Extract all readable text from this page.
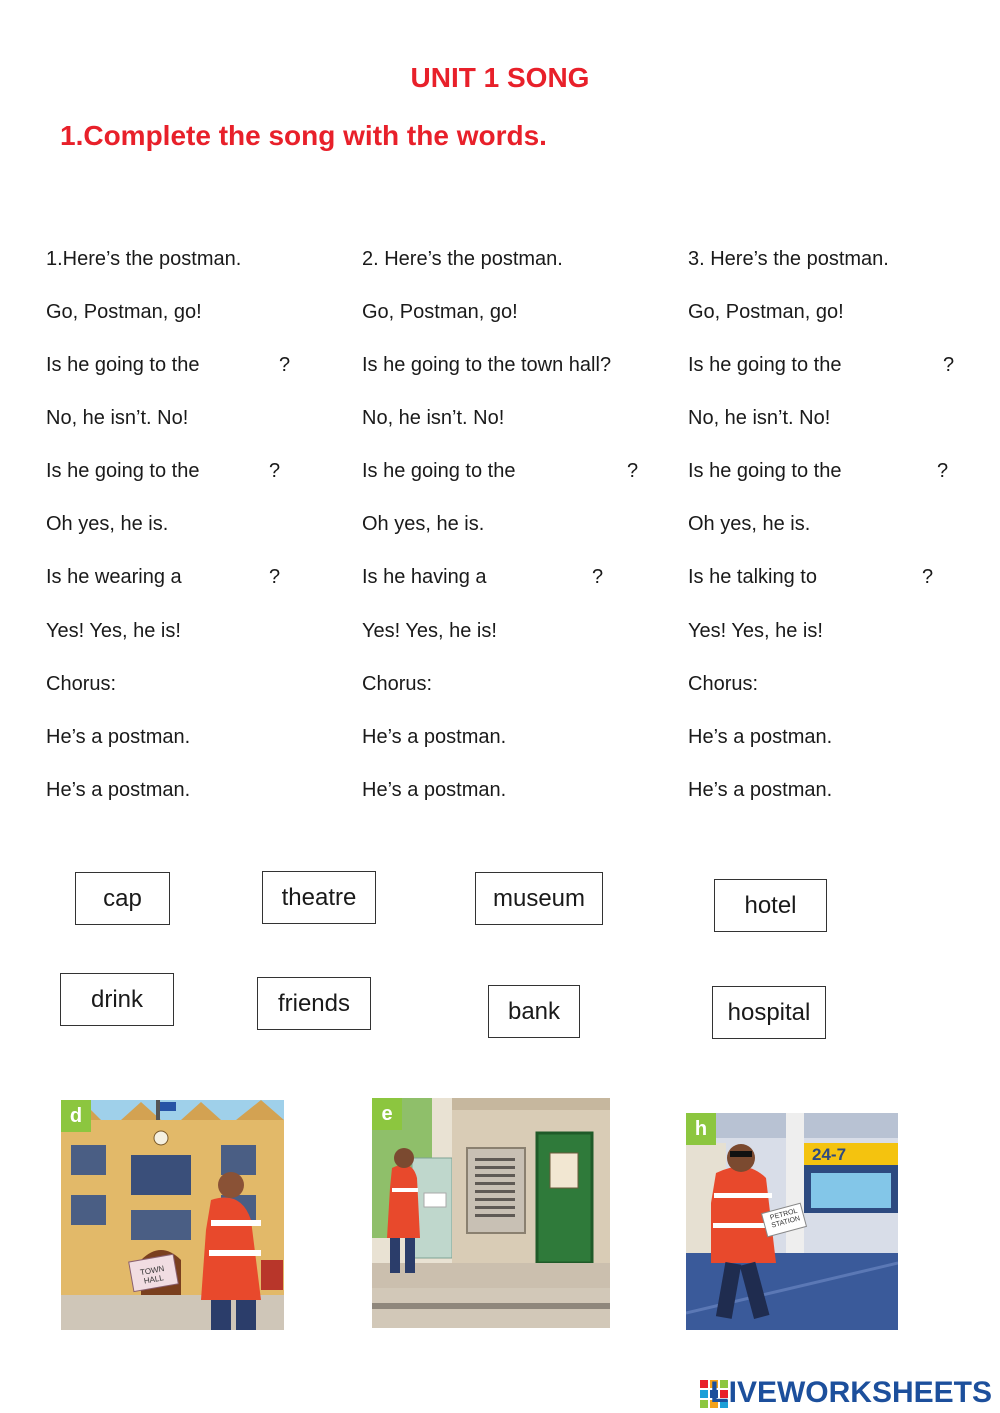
UNIT 1 SONG
1.Complete the song with the words.
1.Here’s the postman.
Go, Postman, go!
Is he going to the	?
No, he isn’t. No!
Is he going to the	?
Oh yes, he is.
Is he wearing a	?
Yes! Yes, he is!
Chorus:
He’s a postman.
He’s a postman.
2. Here’s the postman.
Go, Postman, go!
Is he going to the town hall?
No, he isn’t. No!
Is he going to the	?
Oh yes, he is.
Is he having a	?
Yes! Yes, he is!
Chorus:
He’s a postman.
He’s a postman.
3. Here’s the postman.
Go, Postman, go!
Is he going to the	?
No, he isn’t. No!
Is he going to the	?
Oh yes, he is.
Is he talking to	?
Yes! Yes, he is!
Chorus:
He’s a postman.
He’s a postman.
cap	theatre	museum	hotel
drink	friends	bank	hospital
d
TOWN HALL
e
h
24-7
PETROL STATION
LIVEWORKSHEETS
